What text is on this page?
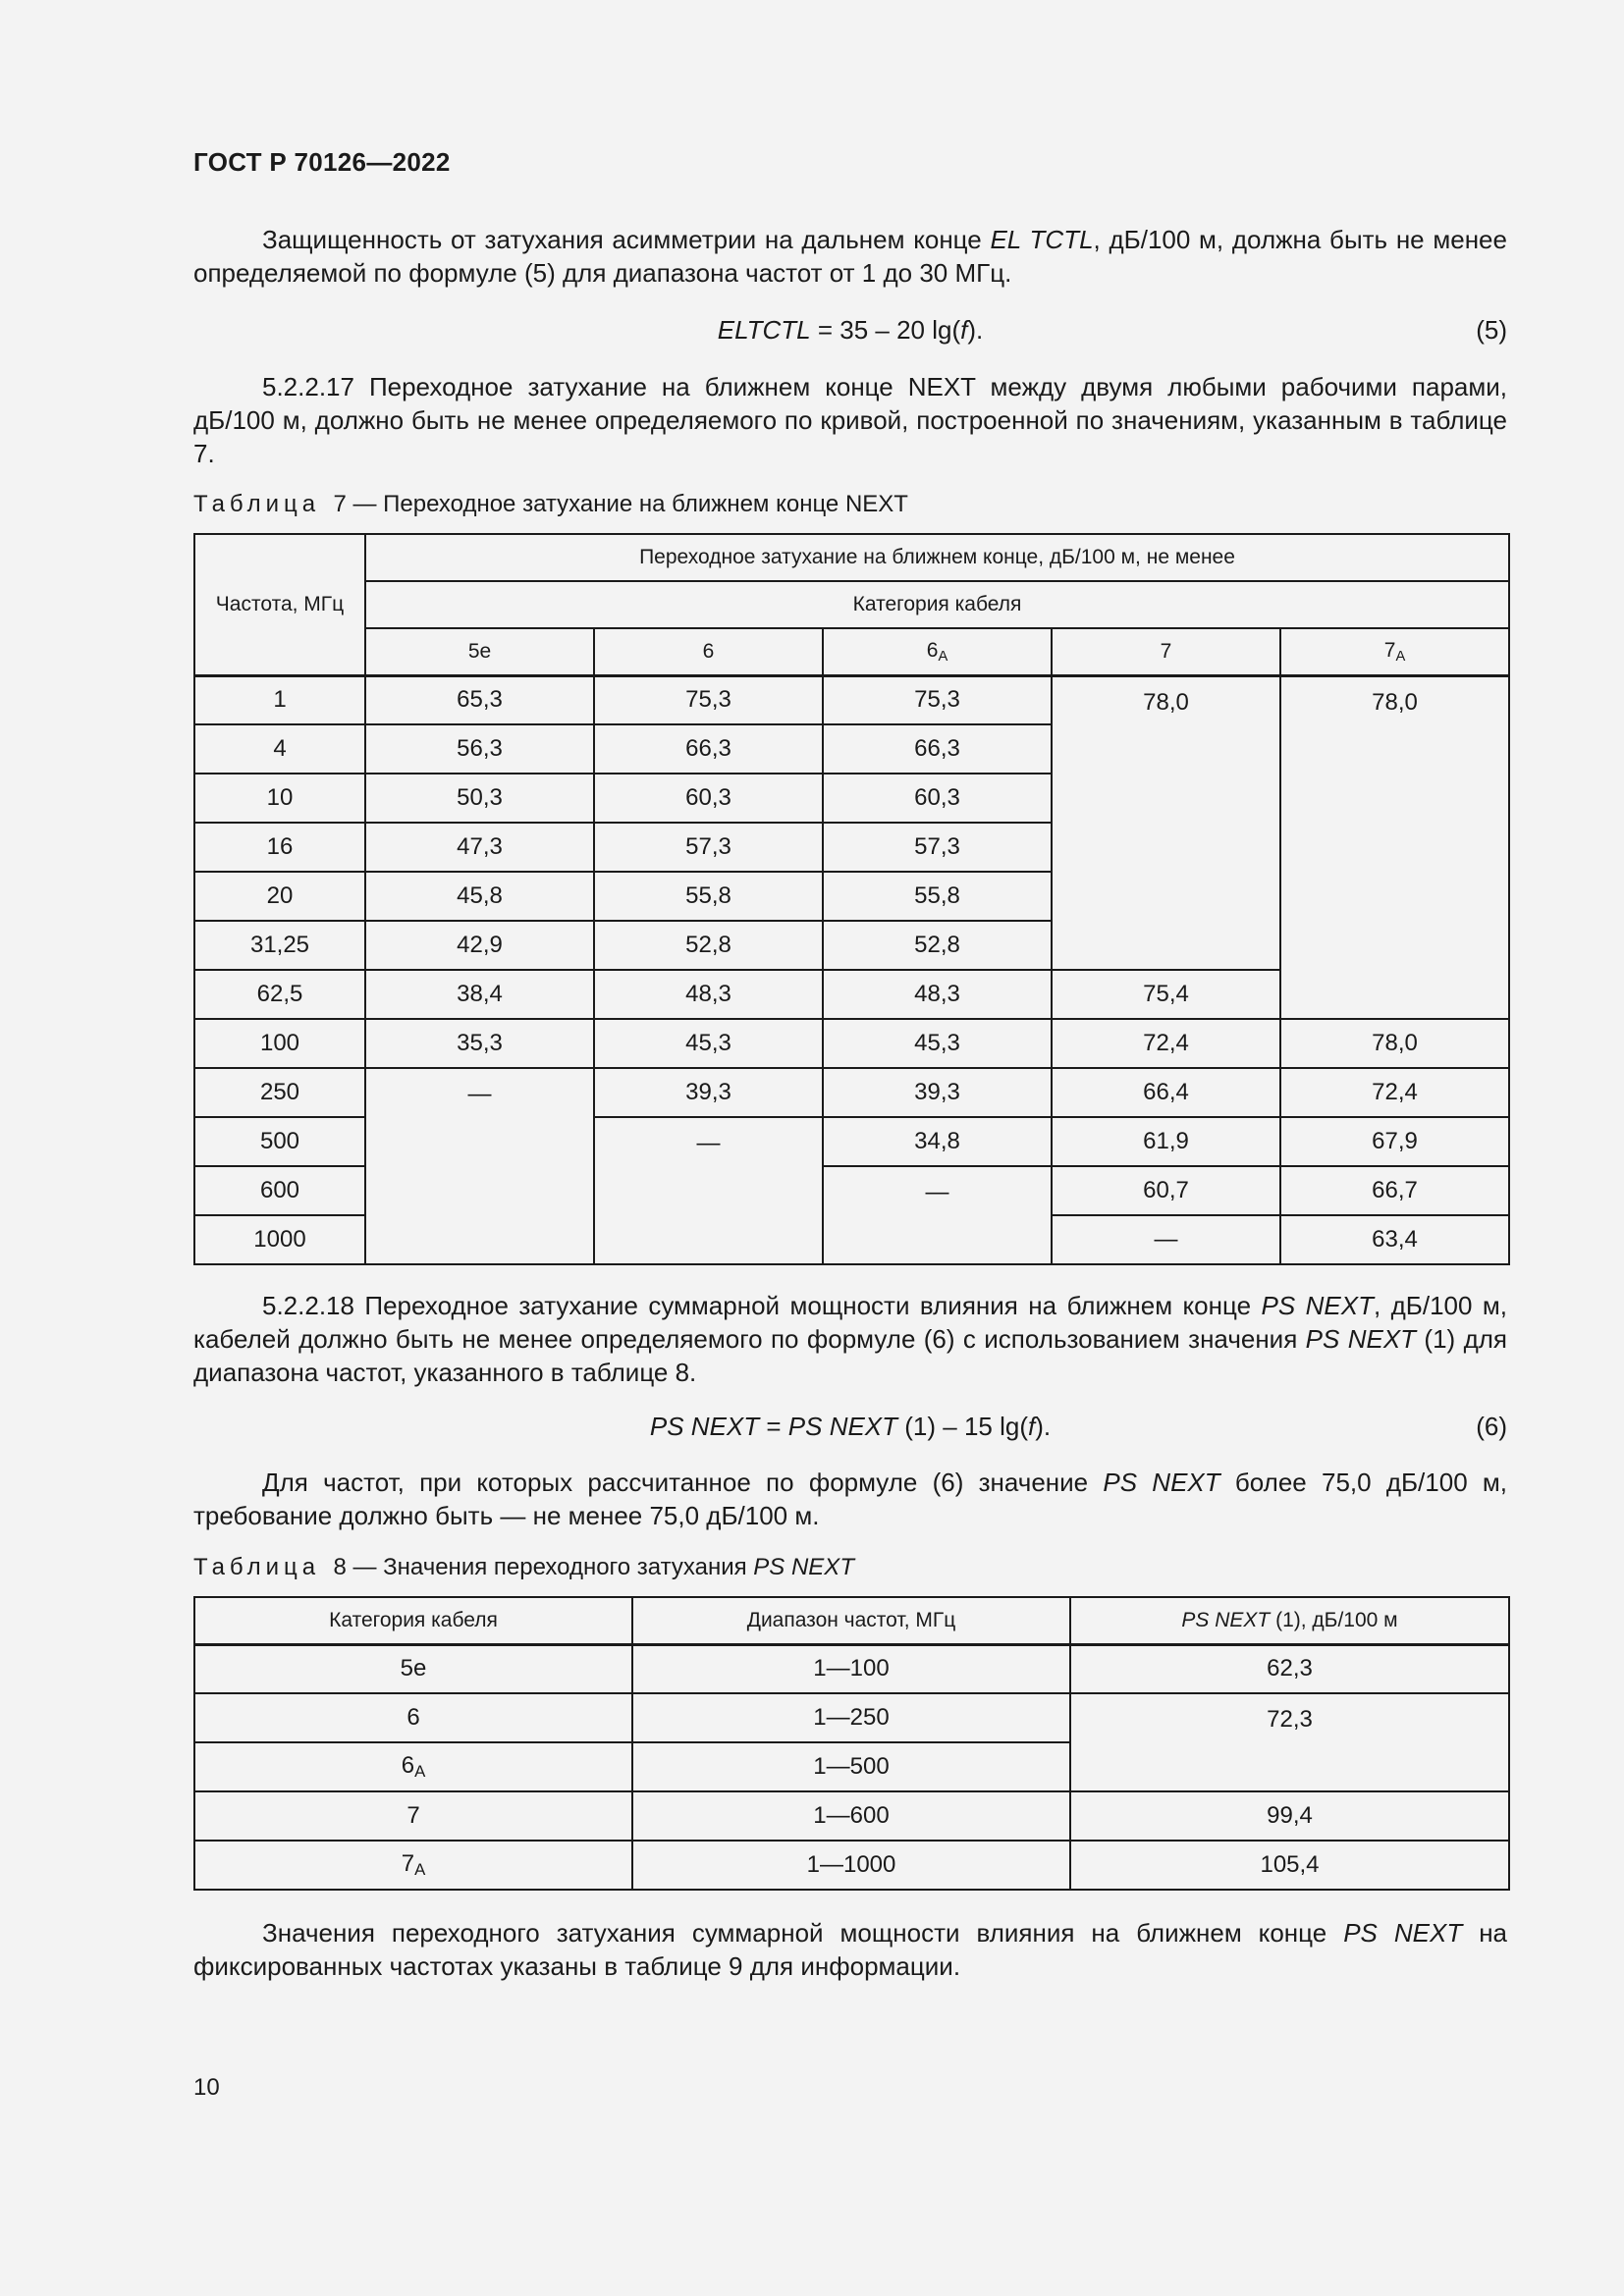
ГОСТ Р 70126—2022
Защищенность от затухания асимметрии на дальнем конце EL TCTL, дБ/100 м, должна быть не менее определяемой по формуле (5) для диапазона частот от 1 до 30 МГц.
ELTCTL = 35 – 20 lg(f).	(5)
5.2.2.17 Переходное затухание на ближнем конце NEXT между двумя любыми рабочими парами, дБ/100 м, должно быть не менее определяемого по кривой, построенной по значениям, указанным в таблице 7.
Таблица 7 — Переходное затухание на ближнем конце NEXT
Частота, МГц	Переходное затухание на ближнем конце, дБ/100 м, не менее				
	Категория кабеля				
	5e	6	$6_A$	7	$7_A$
1	65,3	75,3	75,3	78,0	78,0
4	56,3	66,3	66,3		
10	50,3	60,3	60,3		
16	47,3	57,3	57,3		
20	45,8	55,8	55,8		
31,25	42,9	52,8	52,8		
62,5	38,4	48,3	48,3	75,4	
100	35,3	45,3	45,3	72,4	78,0
250	—	39,3	39,3	66,4	72,4
500		—	34,8	61,9	67,9
600			—	60,7	66,7
1000				—	63,4
5.2.2.18 Переходное затухание суммарной мощности влияния на ближнем конце PS NEXT, дБ/100 м, кабелей должно быть не менее определяемого по формуле (6) с использованием значения PS NEXT (1) для диапазона частот, указанного в таблице 8.
PS NEXT = PS NEXT (1) – 15 lg(f).	(6)
Для частот, при которых рассчитанное по формуле (6) значение PS NEXT более 75,0 дБ/100 м, требование должно быть — не менее 75,0 дБ/100 м.
Таблица 8 — Значения переходного затухания PS NEXT
Категория кабеля	Диапазон частот, МГц	PS NEXT (1), дБ/100 м
5e	1—100	62,3
6	1—250	72,3
$6_A$	1—500	
7	1—600	99,4
$7_A$	1—1000	105,4
Значения переходного затухания суммарной мощности влияния на ближнем конце PS NEXT на фиксированных частотах указаны в таблице 9 для информации.
10
